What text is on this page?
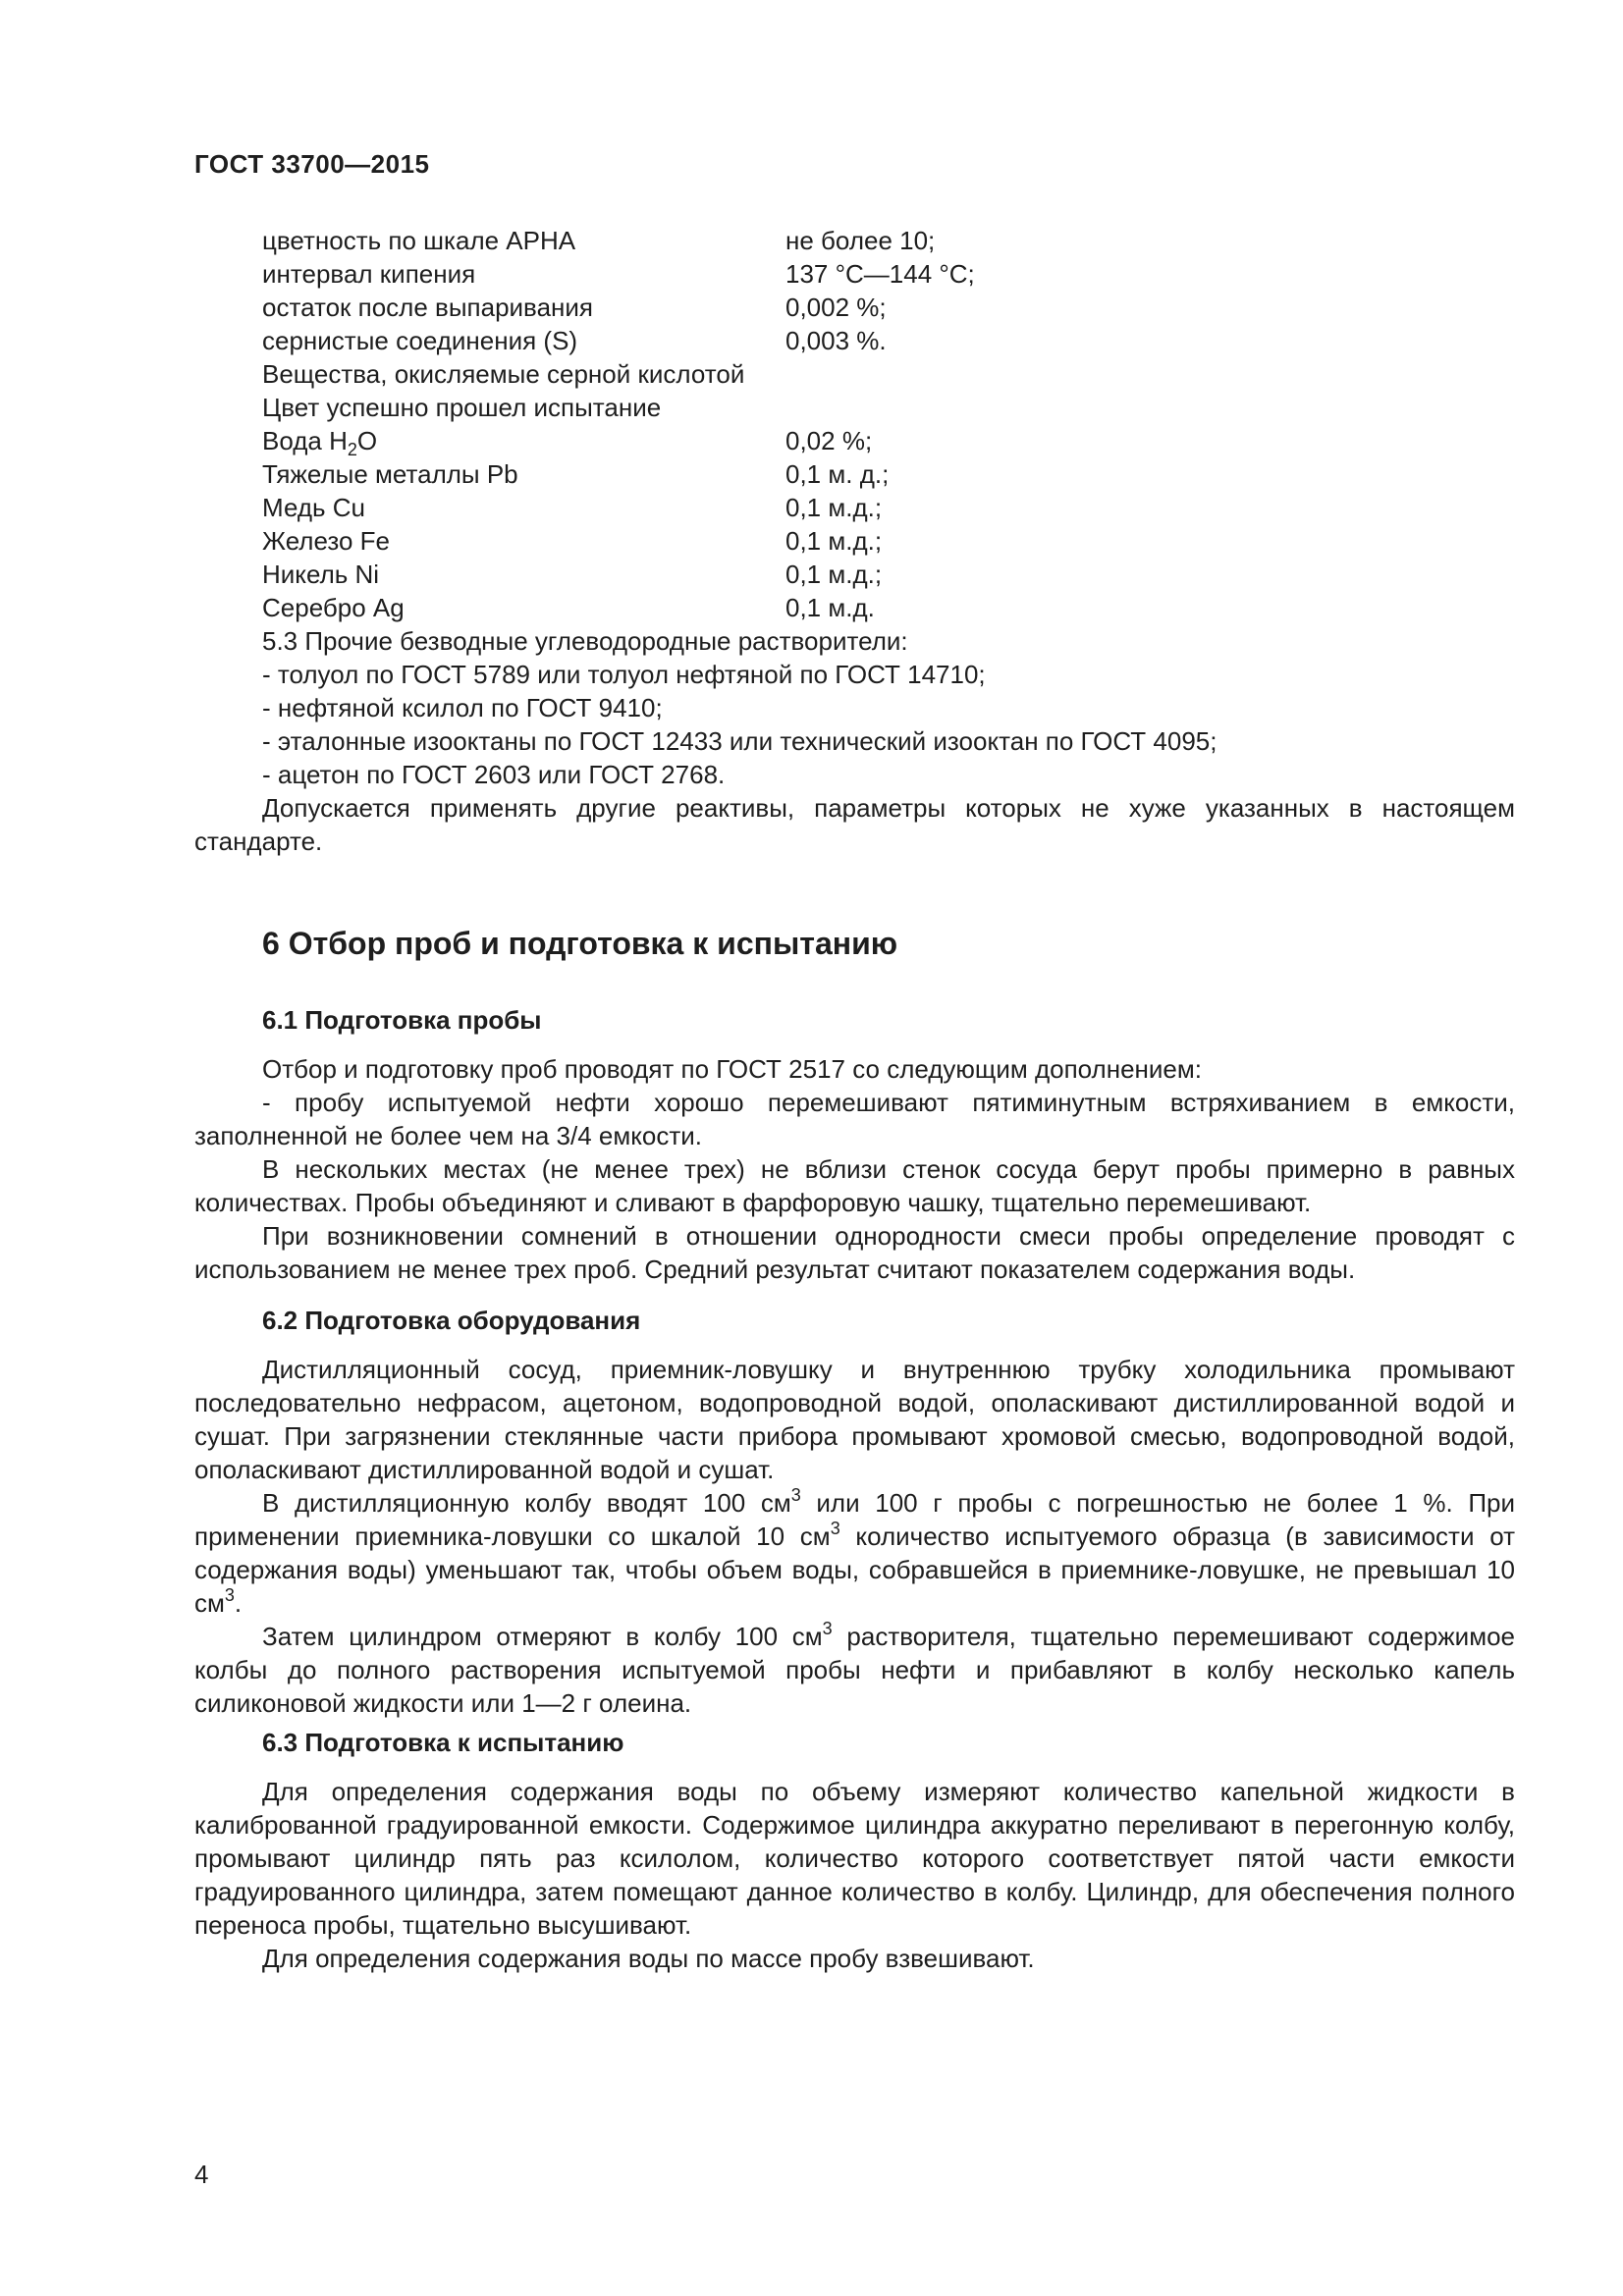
ГОСТ 33700—2015
цветность по шкале APHA	не более 10;
интервал кипения	137 °C—144 °C;
остаток после выпаривания	0,002 %;
сернистые соединения (S)	0,003 %.
Вещества, окисляемые серной кислотой
Цвет успешно прошел испытание
Вода $H_2O$	0,02 %;
Тяжелые металлы Pb	0,1 м. д.;
Медь Cu	0,1 м.д.;
Железо Fe	0,1 м.д.;
Никель Ni	0,1 м.д.;
Серебро Ag	0,1 м.д.
5.3 Прочие безводные углеводородные растворители:
- толуол по ГОСТ 5789 или толуол нефтяной по ГОСТ 14710;
- нефтяной ксилол по ГОСТ 9410;
- эталонные изооктаны по ГОСТ 12433 или технический изооктан по ГОСТ 4095;
- ацетон по ГОСТ 2603 или ГОСТ 2768.
Допускается применять другие реактивы, параметры которых не хуже указанных в настоящем стандарте.
6 Отбор проб и подготовка к испытанию
6.1 Подготовка пробы
Отбор и подготовку проб проводят по ГОСТ 2517 со следующим дополнением:
- пробу испытуемой нефти хорошо перемешивают пятиминутным встряхиванием в емкости, заполненной не более чем на 3/4 емкости.
В нескольких местах (не менее трех) не вблизи стенок сосуда берут пробы примерно в равных количествах. Пробы объединяют и сливают в фарфоровую чашку, тщательно перемешивают.
При возникновении сомнений в отношении однородности смеси пробы определение проводят с использованием не менее трех проб. Средний результат считают показателем содержания воды.
6.2 Подготовка оборудования
Дистилляционный сосуд, приемник-ловушку и внутреннюю трубку холодильника промывают последовательно нефрасом, ацетоном, водопроводной водой, ополаскивают дистиллированной водой и сушат. При загрязнении стеклянные части прибора промывают хромовой смесью, водопроводной водой, ополаскивают дистиллированной водой и сушат.
В дистилляционную колбу вводят 100 $см^3$ или 100 г пробы с погрешностью не более 1 %. При применении приемника-ловушки со шкалой 10 $см^3$ количество испытуемого образца (в зависимости от содержания воды) уменьшают так, чтобы объем воды, собравшейся в приемнике-ловушке, не превышал 10 $см^3$.
Затем цилиндром отмеряют в колбу 100 $см^3$ растворителя, тщательно перемешивают содержимое колбы до полного растворения испытуемой пробы нефти и прибавляют в колбу несколько капель силиконовой жидкости или 1—2 г олеина.
6.3 Подготовка к испытанию
Для определения содержания воды по объему измеряют количество капельной жидкости в калиброванной градуированной емкости. Содержимое цилиндра аккуратно переливают в перегонную колбу, промывают цилиндр пять раз ксилолом, количество которого соответствует пятой части емкости градуированного цилиндра, затем помещают данное количество в колбу. Цилиндр, для обеспечения полного переноса пробы, тщательно высушивают.
Для определения содержания воды по массе пробу взвешивают.
4
